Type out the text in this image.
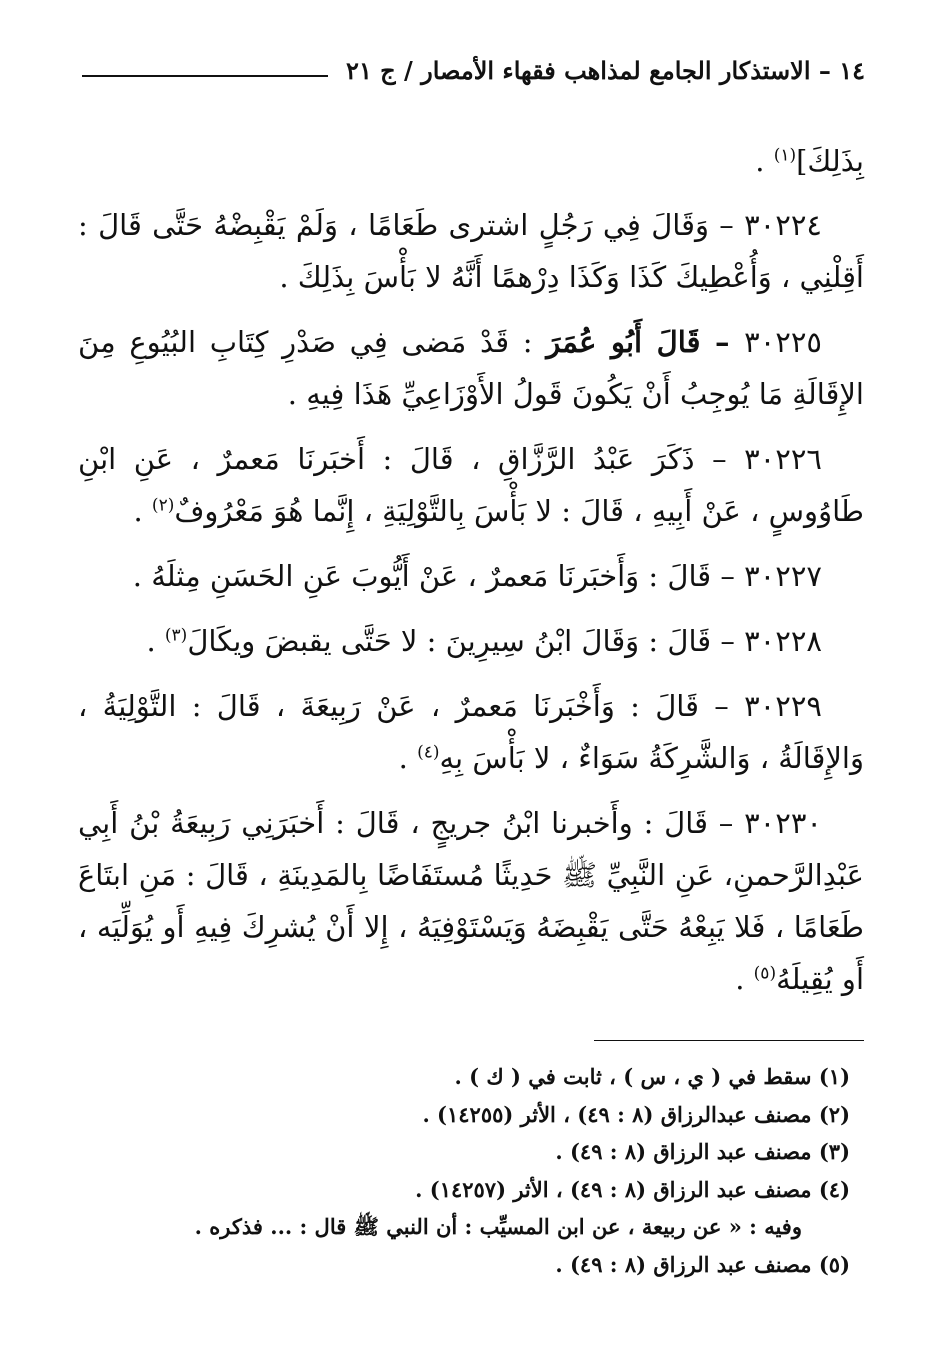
١٤ – الاستذكار الجامع لمذاهب فقهاء الأمصار / ج ٢١

بِذَلِكَ]$^{(١)}$ .

٣٠٢٢٤ – وَقَالَ فِي رَجُلٍ اشترى طَعَامًا ، وَلَمْ يَقْبِضْهُ حَتَّى قَالَ : أَقِلْنِي ، وَأُعْطِيكَ كَذَا وَكَذَا دِرْهمًا أَنَّهُ لا بَأْسَ بِذَلِكَ .

٣٠٢٢٥ – قَالَ أَبُو عُمَرَ : قَدْ مَضى فِي صَدْرِ كِتَابِ البُيُوعِ مِنَ الإِقَالَةِ مَا يُوجِبُ أَنْ يَكُونَ قَولُ الأَوْزَاعِيِّ هَذَا فِيهِ .

٣٠٢٢٦ – ذَكَرَ عَبْدُ الرَّزَّاقِ ، قَالَ : أَخبَرنَا مَعمرٌ ، عَنِ ابْنِ طَاوُوسٍ ، عَنْ أَبِيهِ ، قَالَ : لا بَأْسَ بِالتَّوْلِيَةِ ، إِنَّما هُوَ مَعْرُوفٌ$^{(٢)}$ .

٣٠٢٢٧ – قَالَ : وَأَخبَرنَا مَعمرٌ ، عَنْ أَيُّوبَ عَنِ الحَسَنِ مِثلَهُ .

٣٠٢٢٨ – قَالَ : وَقَالَ ابْنُ سِيرِينَ : لا حَتَّى يقبضَ ويكَالَ$^{(٣)}$ .

٣٠٢٢٩ – قَالَ : وَأَخْبَرنَا مَعمرٌ ، عَنْ رَبِيعَةَ ، قَالَ : التَّوْلِيَةُ ، وَالإِقَالَةُ ، وَالشَّرِكَةُ سَوَاءٌ ، لا بَأْسَ بِهِ$^{(٤)}$ .

٣٠٢٣٠ – قَالَ : وأَخبرنا ابْنُ جريجٍ ، قَالَ : أَخبَرَنِي رَبِيعَةُ بْنُ أَبِي عَبْدِالرَّحمنِ، عَنِ النَّبِيِّ ﷺ حَدِيثًا مُستَفَاضًا بِالمَدِينَةِ ، قَالَ : مَنِ ابتَاعَ طَعَامًا ، فَلا يَبِعْهُ حَتَّى يَقْبِضَهُ وَيَسْتَوْفِيَهُ ، إِلا أَنْ يُشرِكَ فِيهِ أَو يُوَلِّيَه ، أَو يُقِيلَهُ$^{(٥)}$ .

(١) سقط في ( ي ، س ) ، ثابت في ( ك ) .

(٢) مصنف عبدالرزاق (٨ : ٤٩) ، الأثر (١٤٢٥٥) .

(٣) مصنف عبد الرزاق (٨ : ٤٩) .

(٤) مصنف عبد الرزاق (٨ : ٤٩) ، الأثر (١٤٢٥٧) .

وفيه : « عن ربيعة ، عن ابن المسيِّب : أن النبي ﷺ قال : ... فذكره .

(٥) مصنف عبد الرزاق (٨ : ٤٩) .
